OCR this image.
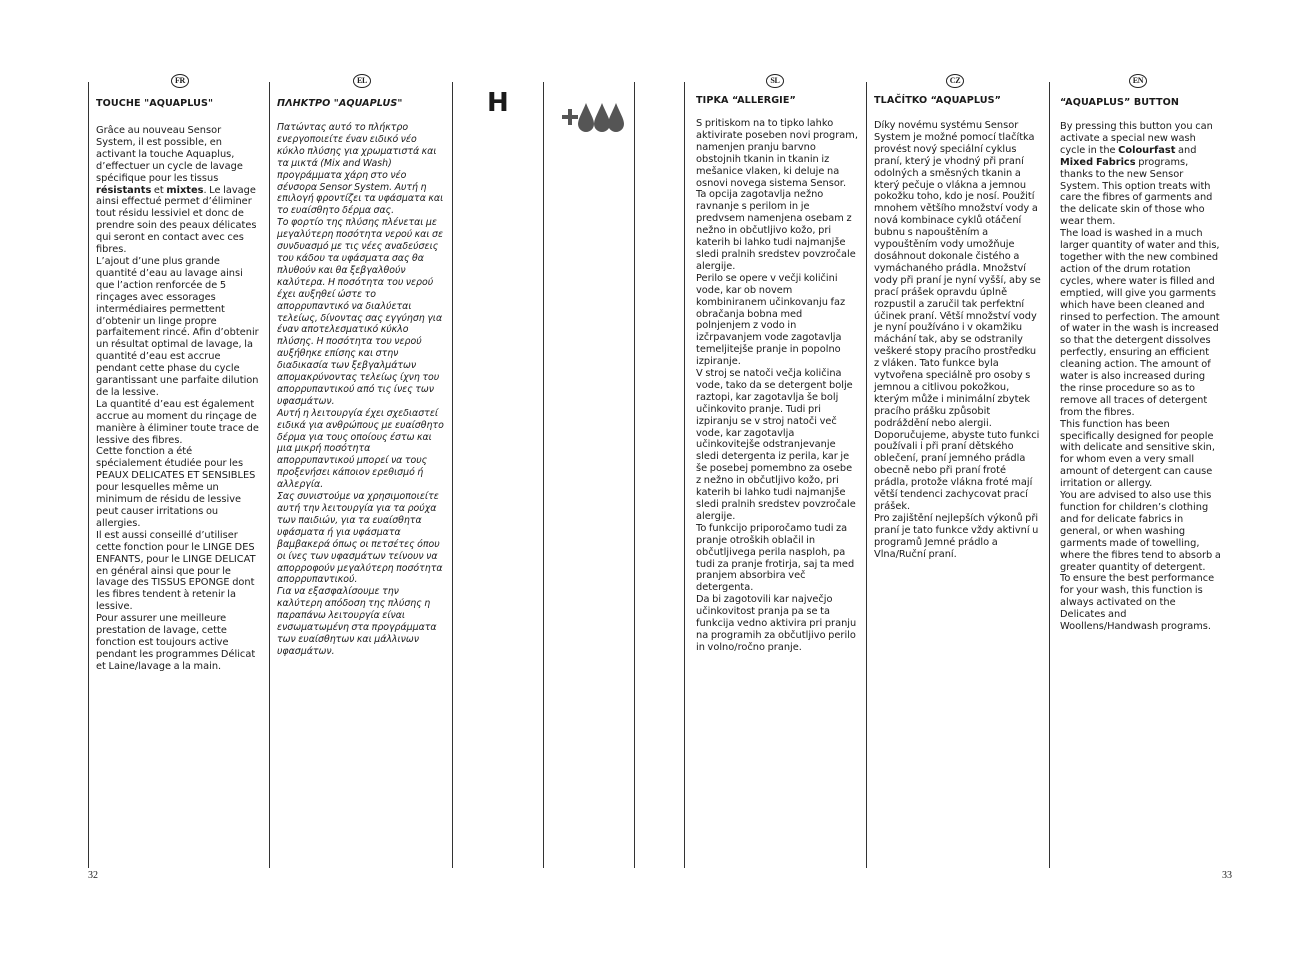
H
FR
TOUCHE "AQUAPLUS"

Grâce au nouveau Sensor System, il est possible, en activant la touche Aquaplus, d’effectuer un cycle de lavage spécifique pour les tissus résistants et mixtes. Le lavage ainsi effectué permet d’éliminer tout résidu lessiviel et donc de prendre soin des peaux délicates qui seront en contact avec ces fibres.

L’ajout d’une plus grande quantité d’eau au lavage ainsi que l’action renforcée de 5 rinçages avec essorages intermédiaires permettent d’obtenir un linge propre parfaitement rincé. Afin d’obtenir un résultat optimal de lavage, la quantité d’eau est accrue pendant cette phase du cycle garantissant une parfaite dilution de la lessive.

La quantité d’eau est également accrue au moment du rinçage de manière à éliminer toute trace de lessive des fibres.

Cette fonction a été spécialement étudiée pour les PEAUX DELICATES ET SENSIBLES pour lesquelles même un minimum de résidu de lessive peut causer irritations ou allergies.

Il est aussi conseillé d’utiliser cette fonction pour le LINGE DES ENFANTS, pour le LINGE DELICAT en général ainsi que pour le lavage des TISSUS EPONGE dont les fibres tendent à retenir la lessive.

Pour assurer une meilleure prestation de lavage, cette fonction est toujours active pendant les programmes Délicat et Laine/lavage a la main.

EL
ΠΛΗΚΤΡΟ "AQUAPLUS"

Πατώντας αυτό το πλήκτρο ενεργοποιείτε έναν ειδικό νέο κύκλο πλύσης για χρωματιστά και τα μικτά (Mix and Wash) προγράμματα χάρη στο νέο σένσορα Sensor System. Αυτή η επιλογή φροντίζει τα υφάσματα και το ευαίσθητο δέρμα σας.

Το φορτίο της πλύσης πλένεται με μεγαλύτερη ποσότητα νερού και σε συνδυασμό με τις νέες αναδεύσεις του κάδου τα υφάσματα σας θα πλυθούν και θα ξεβγαλθούν καλύτερα. Η ποσότητα του νερού έχει αυξηθεί ώστε το απορρυπαντικό να διαλύεται τελείως, δίνοντας σας εγγύηση για έναν αποτελεσματικό κύκλο πλύσης. Η ποσότητα του νερού αυξήθηκε επίσης και στην διαδικασία των ξεβγαλμάτων απομακρύνοντας τελείως ίχνη του απορρυπαντικού από τις ίνες των υφασμάτων.

Αυτή η λειτουργία έχει σχεδιαστεί ειδικά για ανθρώπους με ευαίσθητο δέρμα για τους οποίους έστω και μια μικρή ποσότητα απορρυπαντικού μπορεί να τους προξενήσει κάποιον ερεθισμό ή αλλεργία.

Σας συνιστούμε να χρησιμοποιείτε αυτή την λειτουργία για τα ρούχα των παιδιών, για τα ευαίσθητα υφάσματα ή για υφάσματα βαμβακερά όπως οι πετσέτες όπου οι ίνες των υφασμάτων τείνουν να απορροφούν μεγαλύτερη ποσότητα απορρυπαντικού.

Για να εξασφαλίσουμε την καλύτερη απόδοση της πλύσης η παραπάνω λειτουργία είναι ενσωματωμένη στα προγράμματα των ευαίσθητων και μάλλινων υφασμάτων.

SL
TIPKA “ALLERGIE”

S pritiskom na to tipko lahko aktivirate poseben novi program, namenjen pranju barvno obstojnih tkanin in tkanin iz mešanice vlaken, ki deluje na osnovi novega sistema Sensor. Ta opcija zagotavlja nežno ravnanje s perilom in je predvsem namenjena osebam z nežno in občutljivo kožo, pri katerih bi lahko tudi najmanjše sledi pralnih sredstev povzročale alergije.

Perilo se opere v večji količini vode, kar ob novem kombiniranem učinkovanju faz obračanja bobna med polnjenjem z vodo in izčrpavanjem vode zagotavlja temeljitejše pranje in popolno izpiranje.

V stroj se natoči večja količina vode, tako da se detergent bolje raztopi, kar zagotavlja še bolj učinkovito pranje. Tudi pri izpiranju se v stroj natoči več vode, kar zagotavlja učinkovitejše odstranjevanje sledi detergenta iz perila, kar je še posebej pomembno za osebe z nežno in občutljivo kožo, pri katerih bi lahko tudi najmanjše sledi pralnih sredstev povzročale alergije.

To funkcijo priporočamo tudi za pranje otroških oblačil in občutljivega perila nasploh, pa tudi za pranje frotirja, saj ta med pranjem absorbira več detergenta.

Da bi zagotovili kar največjo učinkovitost pranja pa se ta funkcija vedno aktivira pri pranju na programih za občutljivo perilo in volno/ročno pranje.

CZ
TLAČÍTKO “AQUAPLUS”

Díky novému systému Sensor System je možné pomocí tlačítka provést nový speciální cyklus praní, který je vhodný při praní odolných a směsných tkanin a který pečuje o vlákna a jemnou pokožku toho, kdo je nosí. Použití mnohem většího množství vody a nová kombinace cyklů otáčení bubnu s napouštěním a vypouštěním vody umožňuje dosáhnout dokonale čistého a vymáchaného prádla. Množství vody při praní je nyní vyšší, aby se prací prášek opravdu úplně rozpustil a zaručil tak perfektní účinek praní. Větší množství vody je nyní používáno i v okamžiku máchání tak, aby se odstranily veškeré stopy pracího prostředku z vláken. Tato funkce byla vytvořena speciálně pro osoby s jemnou a citlivou pokožkou, kterým může i minimální zbytek pracího prášku způsobit podráždění nebo alergii. Doporučujeme, abyste tuto funkci používali i při praní dětského oblečení, praní jemného prádla obecně nebo při praní froté prádla, protože vlákna froté mají větší tendenci zachycovat prací prášek.

Pro zajištění nejlepších výkonů při praní je tato funkce vždy aktivní u programů Jemné prádlo a Vlna/Ruční praní.

EN
“AQUAPLUS” BUTTON

By pressing this button you can activate a special new wash cycle in the Colourfast and Mixed Fabrics programs, thanks to the new Sensor System. This option treats with care the fibres of garments and the delicate skin of those who wear them.

The load is washed in a much larger quantity of water and this, together with the new combined action of the drum rotation cycles, where water is filled and emptied, will give you garments which have been cleaned and rinsed to perfection. The amount of water in the wash is increased so that the detergent dissolves perfectly, ensuring an efficient cleaning action. The amount of water is also increased during the rinse procedure so as to remove all traces of detergent from the fibres.

This function has been specifically designed for people with delicate and sensitive skin, for whom even a very small amount of detergent can cause irritation or allergy.

You are advised to also use this function for children’s clothing and for delicate fabrics in general, or when washing garments made of towelling, where the fibres tend to absorb a greater quantity of detergent.

To ensure the best performance for your wash, this function is always activated on the Delicates and Woollens/Handwash programs.

32	33
